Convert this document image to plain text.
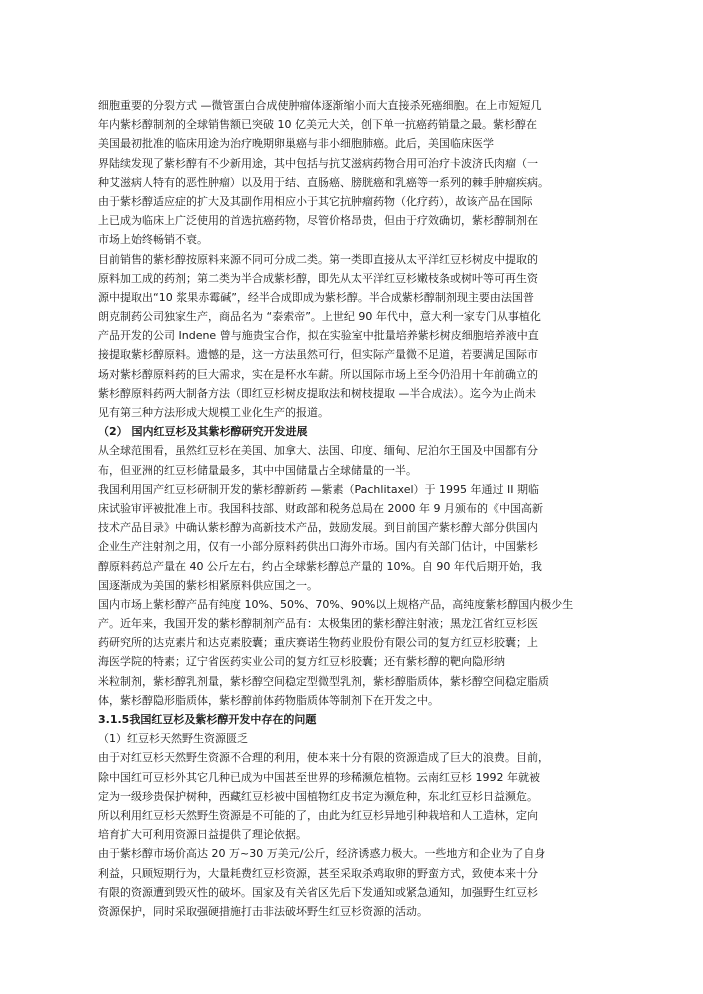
细胞重要的分裂方式 —微管蛋白合成使肿瘤体逐渐缩小而大直接杀死癌细胞。在上市短短几
年内紫杉醇制剂的全球销售额已突破 10 亿美元大关，创下单一抗癌药销量之最。紫杉醇在
美国最初批准的临床用途为治疗晚期卵巢癌与非小细胞肺癌。此后，美国临床医学
界陆续发现了紫杉醇有不少新用途，其中包括与抗艾滋病药物合用可治疗卡波济氏肉瘤（一
种艾滋病人特有的恶性肿瘤）以及用于结、直肠癌、膀胱癌和乳癌等一系列的棘手肿瘤疾病。
由于紫杉醇适应症的扩大及其副作用相应小于其它抗肿瘤药物（化疗药），故该产品在国际
上已成为临床上广泛使用的首选抗癌药物，尽管价格昂贵，但由于疗效确切，紫杉醇制剂在
市场上始终畅销不衰。
目前销售的紫杉醇按原料来源不同可分成二类。第一类即直接从太平洋红豆杉树皮中提取的
原料加工成的药剂；第二类为半合成紫杉醇，即先从太平洋红豆杉嫩枝条或树叶等可再生资
源中提取出“10 浆果赤霉碱”，经半合成即成为紫杉醇。半合成紫杉醇制剂现主要由法国普
朗克制药公司独家生产，商品名为 “泰索帝”。上世纪 90 年代中，意大利一家专门从事植化
产品开发的公司 Indene 曾与施贵宝合作，拟在实验室中批量培养紫杉树皮细胞培养液中直
接提取紫杉醇原料。遗憾的是，这一方法虽然可行，但实际产量微不足道，若要满足国际市
场对紫杉醇原料药的巨大需求，实在是杯水车薪。所以国际市场上至今仍沿用十年前确立的
紫杉醇原料药两大制备方法（即红豆杉树皮提取法和树枝提取 —半合成法）。迄今为止尚未
见有第三种方法形成大规模工业化生产的报道。
（2） 国内红豆杉及其紫杉醇研究开发进展
从全球范围看，虽然红豆杉在美国、加拿大、法国、印度、缅甸、尼泊尔王国及中国都有分
布，但亚洲的红豆杉储量最多，其中中国储量占全球储量的一半。
我国利用国产红豆杉研制开发的紫杉醇新药 —紫素（Pachlitaxel）于 1995 年通过 II 期临
床试验审评被批准上市。我国科技部、财政部和税务总局在 2000 年 9 月颁布的《中国高新
技术产品目录》中确认紫杉醇为高新技术产品，鼓励发展。到目前国产紫杉醇大部分供国内
企业生产注射剂之用，仅有一小部分原料药供出口海外市场。国内有关部门估计，中国紫杉
醇原料药总产量在 40 公斤左右，约占全球紫杉醇总产量的 10%。自 90 年代后期开始，我
国逐渐成为美国的紫杉相紧原料供应国之一。
国内市场上紫杉醇产品有纯度 10%、50%、70%、90%以上规格产品，高纯度紫杉醇国内极少生
产。近年来，我国开发的紫杉醇制剂产品有：太极集团的紫杉醇注射液；黑龙江省红豆杉医
药研究所的达克素片和达克素胶囊；重庆赛诺生物药业股份有限公司的复方红豆杉胶囊；上
海医学院的特素；辽宁省医药实业公司的复方红豆杉胶囊；还有紫杉醇的靶向隐形纳
米粒制剂，紫杉醇乳剂量，紫杉醇空间稳定型微型乳剂，紫杉醇脂质体，紫杉醇空间稳定脂质
体，紫杉醇隐形脂质体，紫杉醇前体药物脂质体等制剂下在开发之中。
3.1.5我国红豆杉及紫杉醇开发中存在的问题
（1）红豆杉天然野生资源匮乏
由于对红豆杉天然野生资源不合理的利用，使本来十分有限的资源造成了巨大的浪费。目前，
除中国红可豆杉外其它几种已成为中国甚至世界的珍稀濒危植物。云南红豆杉 1992 年就被
定为一级珍贵保护树种，西藏红豆杉被中国植物红皮书定为濒危种，东北红豆杉日益濒危。
所以利用红豆杉天然野生资源是不可能的了，由此为红豆杉异地引种栽培和人工造林，定向
培育扩大可利用资源日益提供了理论依据。
由于紫杉醇市场价高达 20 万~30 万美元/公斤，经济诱惑力极大。一些地方和企业为了自身
利益，只顾短期行为，大量耗费红豆杉资源，甚至采取杀鸡取卵的野蛮方式，致使本来十分
有限的资源遭到毁灭性的破坏。国家及有关省区先后下发通知或紧急通知，加强野生红豆杉
资源保护，同时采取强硬措施打击非法破坏野生红豆杉资源的活动。
